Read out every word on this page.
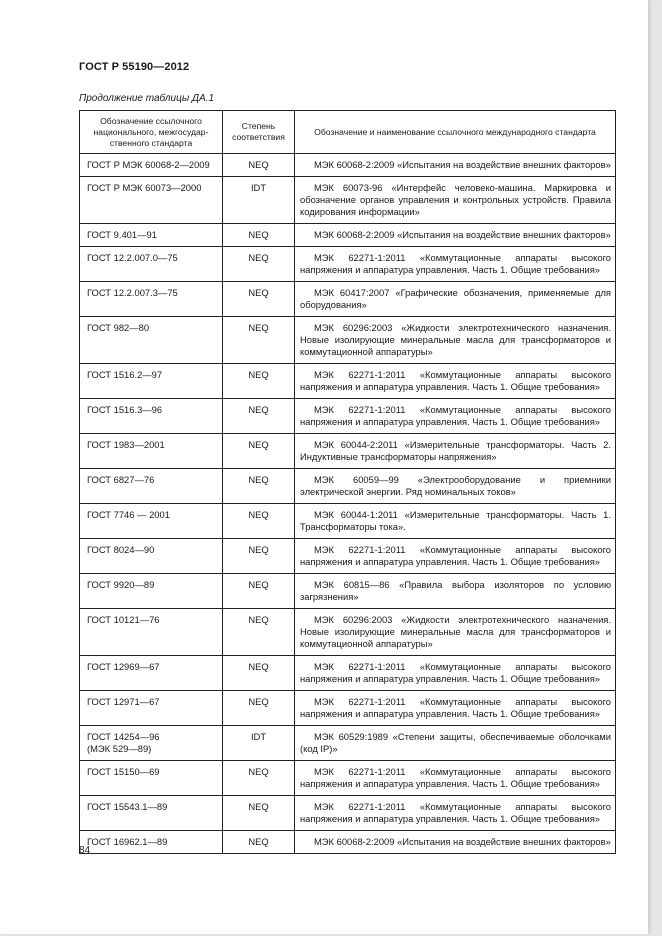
ГОСТ Р 55190—2012
Продолжение таблицы ДА.1
Обозначение ссылочного национального, межгосудар-ственного стандарта	Степень соответствия	Обозначение и наименование ссылочного международного стандарта
ГОСТ Р МЭК 60068-2—2009	NEQ	МЭК 60068-2:2009 «Испытания на воздействие внешних факторов»
ГОСТ Р МЭК 60073—2000	IDT	МЭК 60073-96 «Интерфейс человеко-машина. Маркировка и обозначение органов управления и контрольных устройств. Правила кодирования информации»
ГОСТ 9.401—91	NEQ	МЭК 60068-2:2009 «Испытания на воздействие внешних факторов»
ГОСТ 12.2.007.0—75	NEQ	МЭК 62271-1:2011 «Коммутационные аппараты высокого напряжения и аппаратура управления. Часть 1. Общие требования»
ГОСТ 12.2.007.3—75	NEQ	МЭК 60417:2007 «Графические обозначения, применяемые для оборудования»
ГОСТ 982—80	NEQ	МЭК 60296:2003 «Жидкости электротехнического назначения. Новые изолирующие минеральные масла для трансформаторов и коммутационной аппаратуры»
ГОСТ 1516.2—97	NEQ	МЭК 62271-1:2011 «Коммутационные аппараты высокого напряжения и аппаратура управления. Часть 1. Общие требования»
ГОСТ 1516.3—96	NEQ	МЭК 62271-1:2011 «Коммутационные аппараты высокого напряжения и аппаратура управления. Часть 1. Общие требования»
ГОСТ 1983—2001	NEQ	МЭК 60044-2:2011 «Измерительные трансформаторы. Часть 2. Индуктивные трансформаторы напряжения»
ГОСТ 6827—76	NEQ	МЭК 60059—99 «Электрооборудование и приемники электрической энергии. Ряд номинальных токов»
ГОСТ 7746 — 2001	NEQ	МЭК 60044-1:2011 «Измерительные трансформаторы. Часть 1. Трансформаторы тока».
ГОСТ 8024—90	NEQ	МЭК 62271-1:2011 «Коммутационные аппараты высокого напряжения и аппаратура управления. Часть 1. Общие требования»
ГОСТ 9920—89	NEQ	МЭК 60815—86 «Правила выбора изоляторов по условию загрязнения»
ГОСТ 10121—76	NEQ	МЭК 60296:2003 «Жидкости электротехнического назначения. Новые изолирующие минеральные масла для трансформаторов и коммутационной аппаратуры»
ГОСТ 12969—67	NEQ	МЭК 62271-1:2011 «Коммутационные аппараты высокого напряжения и аппаратура управления. Часть 1. Общие требования»
ГОСТ 12971—67	NEQ	МЭК 62271-1:2011 «Коммутационные аппараты высокого напряжения и аппаратура управления. Часть 1. Общие требования»

ГОСТ 14254—96
(МЭК 529—89)	IDT	МЭК 60529:1989 «Степени защиты, обеспечиваемые оболочками (код IP)»
ГОСТ 15150—69	NEQ	МЭК 62271-1:2011 «Коммутационные аппараты высокого напряжения и аппаратура управления. Часть 1. Общие требования»
ГОСТ 15543.1—89	NEQ	МЭК 62271-1:2011 «Коммутационные аппараты высокого напряжения и аппаратура управления. Часть 1. Общие требования»
ГОСТ 16962.1—89	NEQ	МЭК 60068-2:2009 «Испытания на воздействие внешних факторов»
84
